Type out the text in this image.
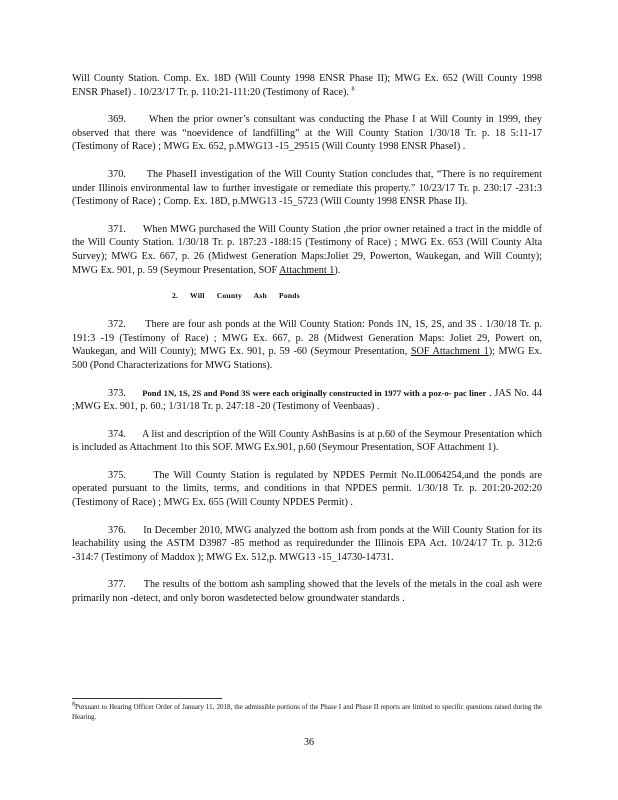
Will County Station. Comp. Ex. 18D (Will County 1998 ENSR Phase II); MWG Ex. 652 (Will County 1998 ENSR PhaseI) . 10/23/17 Tr. p. 110:21-111:20 (Testimony of Race). $^8$

369. When the prior owner’s consultant was conducting the Phase I at Will County in 1999, they observed that there was “noevidence of landfilling” at the Will County Station 1/30/18 Tr. p. 18 5:11-17 (Testimony of Race) ; MWG Ex. 652, p.MWG13 -15_29515 (Will County 1998 ENSR PhaseI) .

370. The PhaseII investigation of the Will County Station concludes that, “There is no requirement under Illinois environmental law to further investigate or remediate this property.” 10/23/17 Tr. p. 230:17 -231:3 (Testimony of Race) ; Comp. Ex. 18D, p.MWG13 -15_5723 (Will County 1998 ENSR Phase II).

371. When MWG purchased the Will County Station ,the prior owner retained a tract in the middle of the Will County Station. 1/30/18 Tr. p. 187:23 -188:15 (Testimony of Race) ; MWG Ex. 653 (Will County Alta Survey); MWG Ex. 667, p. 26 (Midwest Generation Maps:Joliet 29, Powerton, Waukegan, and Will County); MWG Ex. 901, p. 59 (Seymour Presentation, SOF Attachment 1).

2. Will County Ash Ponds

372. There are four ash ponds at the Will County Station: Ponds 1N, 1S, 2S, and 3S . 1/30/18 Tr. p. 191:3 -19 (Testimony of Race) ; MWG Ex. 667, p. 28 (Midwest Generation Maps: Joliet 29, Powert on, Waukegan, and Will County); MWG Ex. 901, p. 59 -60 (Seymour Presentation, SOF Attachment 1); MWG Ex. 500 (Pond Characterizations for MWG Stations).

373. Pond 1N, 1S, 2S and Pond 3S were each originally constructed in 1977 with a poz-o- pac liner . JAS No. 44 ;MWG Ex. 901, p. 60.; 1/31/18 Tr. p. 247:18 -20 (Testimony of Veenbaas) .

374. A list and description of the Will County AshBasins is at p.60 of the Seymour Presentation which is included as Attachment 1to this SOF. MWG Ex.901, p.60 (Seymour Presentation, SOF Attachment 1).

375.	The Will County Station is regulated by NPDES Permit No.IL0064254,and the ponds are operated pursuant to the limits, terms, and conditions in that NPDES permit. 1/30/18 Tr. p. 201:20-202:20 (Testimony of Race) ; MWG Ex. 655 (Will County NPDES Permit) .

376. In December 2010, MWG analyzed the bottom ash from ponds at the Will County Station for its leachability using the ASTM D3987 -85 method as requiredunder the Illinois EPA Act. 10/24/17 Tr. p. 312:6 -314:7 (Testimony of Maddox ); MWG Ex. 512,p. MWG13 -15_14730-14731.

377. The results of the bottom ash sampling showed that the levels of the metals in the coal ash were primarily non -detect, and only boron wasdetected below groundwater standards .

$^8$Pursuant to Hearing Officer Order of January 11, 2018, the admissible portions of the Phase I and Phase II reports are limited to specific questions raised during the Hearing.
36
